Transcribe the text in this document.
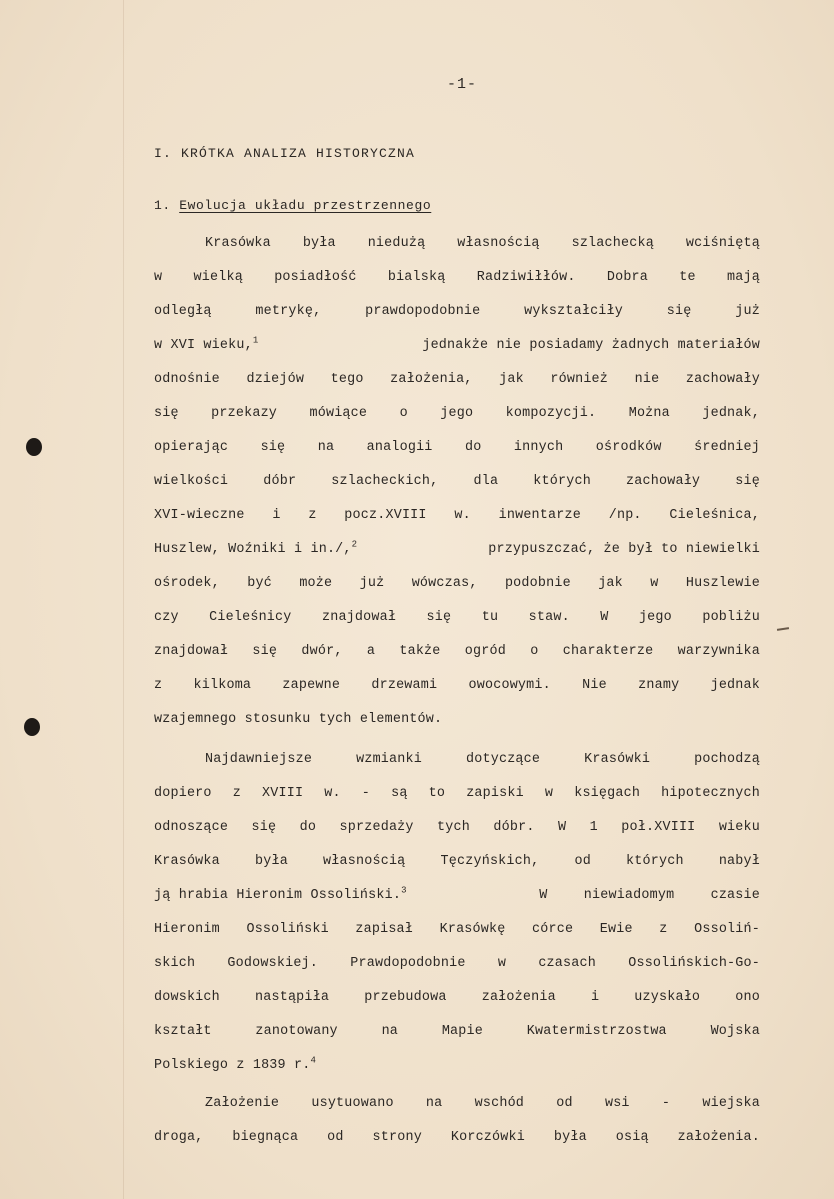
-1-
I. KRÓTKA ANALIZA HISTORYCZNA
1. Ewolucja układu przestrzennego
Krasówka była niedużą własnością szlachecką wciśniętą
w wielką posiadłość bialską Radziwiłłów. Dobra te mają
odległą metrykę, prawdopodobnie wykształciły się już
w XVI wieku,$^1$	jednakże nie posiadamy żadnych materiałów
odnośnie dziejów tego założenia, jak również nie zachowały
się przekazy mówiące o jego kompozycji. Można jednak,
opierając się na analogii do innych ośrodków średniej
wielkości dóbr szlacheckich, dla których zachowały się
XVI-wieczne i z pocz.XVIII w. inwentarze /np. Cieleśnica,
Huszlew, Woźniki i in./,$^2$	przypuszczać, że był to niewielki
ośrodek, być może już wówczas, podobnie jak w Huszlewie
czy Cieleśnicy znajdował się tu staw. W jego pobliżu
znajdował się dwór, a także ogród o charakterze warzywnika
z kilkoma zapewne drzewami owocowymi. Nie znamy jednak
wzajemnego stosunku tych elementów.
Najdawniejsze wzmianki dotyczące Krasówki pochodzą
dopiero z XVIII w. - są to zapiski w księgach hipotecznych
odnoszące się do sprzedaży tych dóbr. W 1 poł.XVIII wieku
Krasówka była własnością Tęczyńskich, od których nabył
ją hrabia Hieronim Ossoliński.$^3$	W niewiadomym czasie
Hieronim Ossoliński zapisał Krasówkę córce Ewie z Ossoliń-
skich Godowskiej. Prawdopodobnie w czasach Ossolińskich-Go-
dowskich nastąpiła przebudowa założenia i uzyskało ono
kształt zanotowany na Mapie Kwatermistrzostwa Wojska
Polskiego z 1839 r.$^4$
Założenie usytuowano na wschód od wsi - wiejska
droga, biegnąca od strony Korczówki była osią założenia.
